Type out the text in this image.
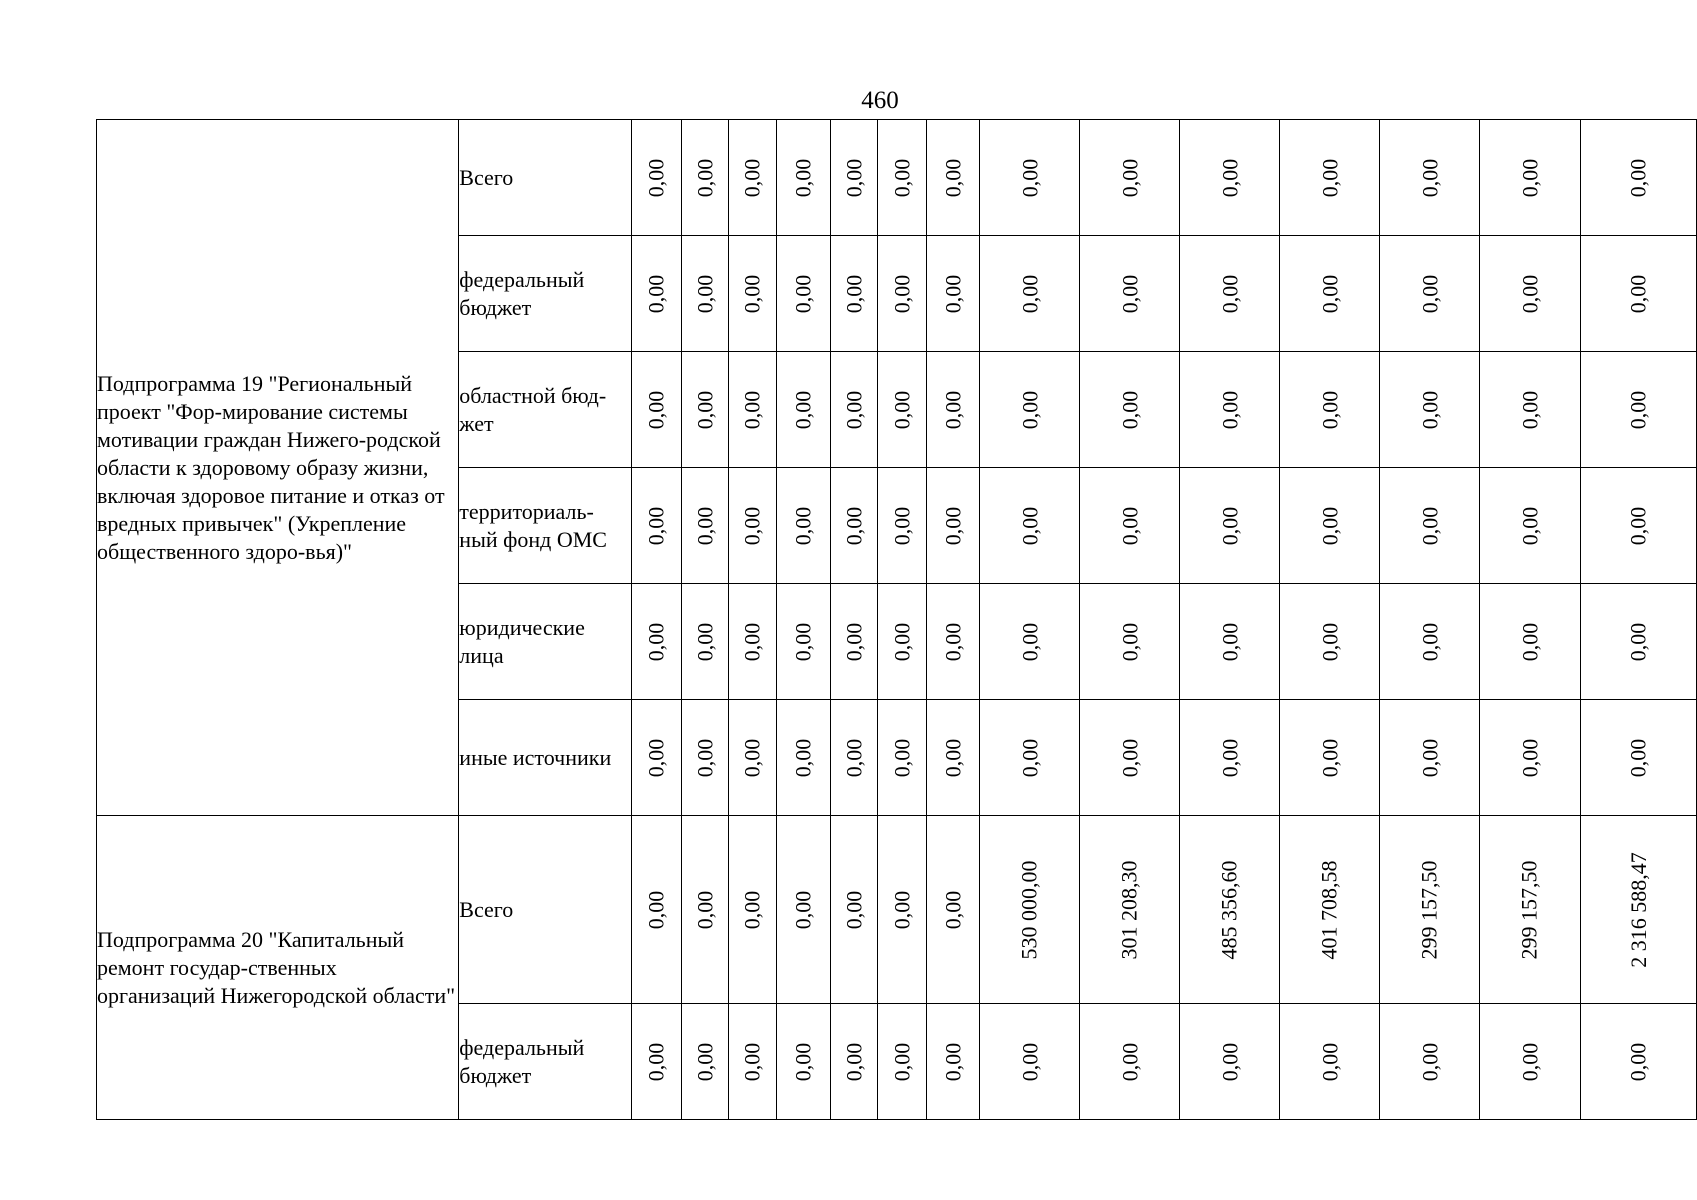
460
Подпрограмма 19 "Региональный проект "Фор-мирование системы мотивации граждан Нижего-родской области к здоровому образу жизни, включая здоровое питание и отказ от вредных привычек" (Укрепление общественного здоро-вья)"	Всего	0,00	0,00	0,00	0,00	0,00	0,00	0,00	0,00	0,00	0,00	0,00	0,00	0,00	0,00
	федеральный бюджет	0,00	0,00	0,00	0,00	0,00	0,00	0,00	0,00	0,00	0,00	0,00	0,00	0,00	0,00
	областной бюд-жет	0,00	0,00	0,00	0,00	0,00	0,00	0,00	0,00	0,00	0,00	0,00	0,00	0,00	0,00
	территориаль-ный фонд ОМС	0,00	0,00	0,00	0,00	0,00	0,00	0,00	0,00	0,00	0,00	0,00	0,00	0,00	0,00
	юридические лица	0,00	0,00	0,00	0,00	0,00	0,00	0,00	0,00	0,00	0,00	0,00	0,00	0,00	0,00
	иные источники	0,00	0,00	0,00	0,00	0,00	0,00	0,00	0,00	0,00	0,00	0,00	0,00	0,00	0,00
Подпрограмма 20 "Капитальный ремонт государ-ственных организаций Нижегородской области"	Всего	0,00	0,00	0,00	0,00	0,00	0,00	0,00	530 000,00	301 208,30	485 356,60	401 708,58	299 157,50	299 157,50	2 316 588,47
	федеральный бюджет	0,00	0,00	0,00	0,00	0,00	0,00	0,00	0,00	0,00	0,00	0,00	0,00	0,00	0,00
